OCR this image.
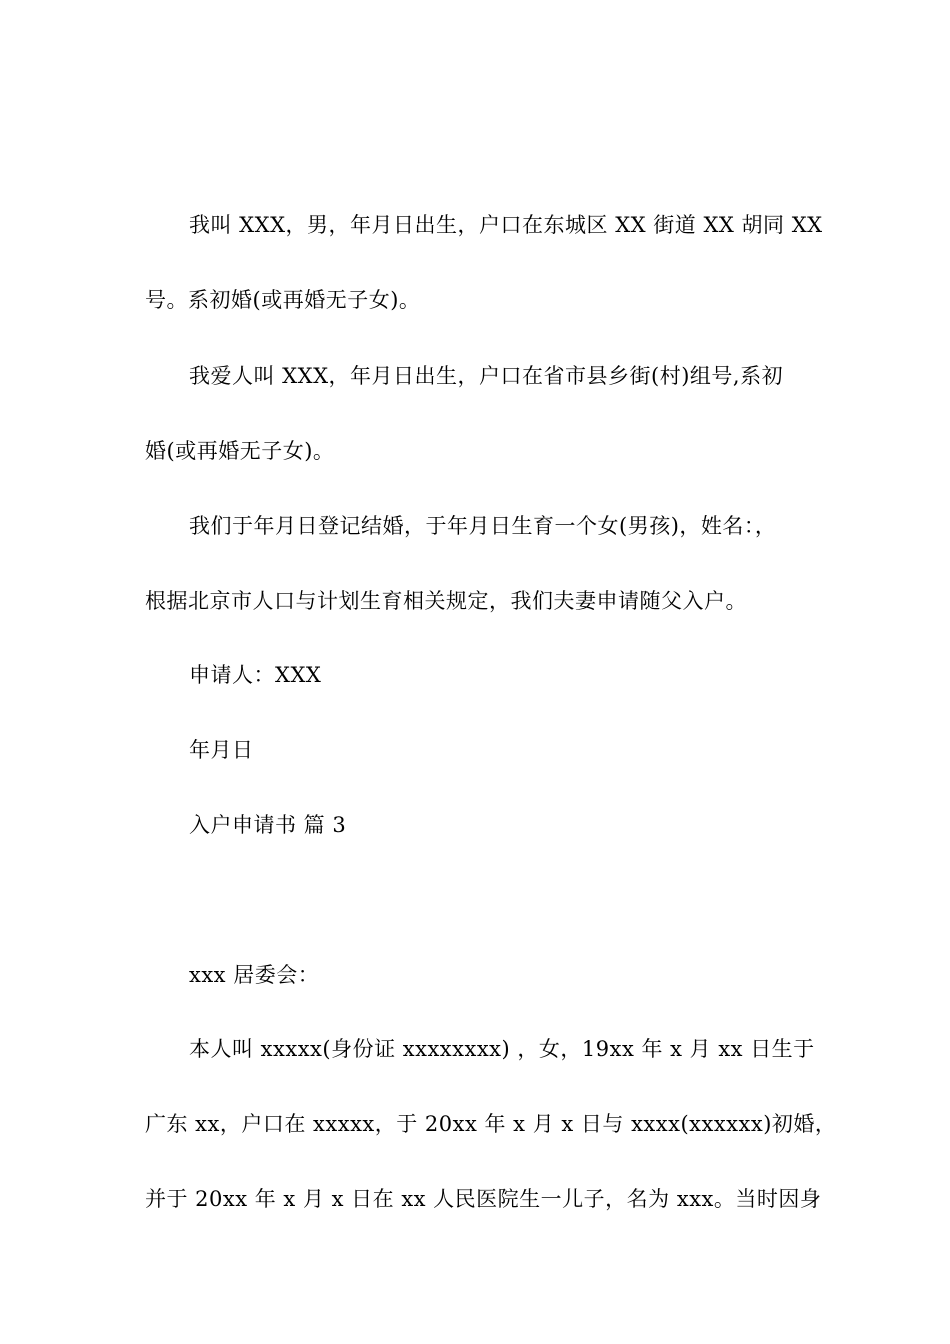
我叫 XXX，男，年月日出生，户口在东城区 XX 街道 XX 胡同 XX
号。系初婚(或再婚无子女)。
我爱人叫 XXX，年月日出生，户口在省市县乡街(村)组号,系初
婚(或再婚无子女)。
我们于年月日登记结婚，于年月日生育一个女(男孩)，姓名：，
根据北京市人口与计划生育相关规定，我们夫妻申请随父入户。
申请人：XXX
年月日
入户申请书 篇 3
xxx 居委会：
本人叫 xxxxx(身份证 xxxxxxxx) ，女，19xx 年 x 月 xx 日生于
广东 xx，户口在 xxxxx，于 20xx 年 x 月 x 日与 xxxx(xxxxxx)初婚，
并于 20xx 年 x 月 x 日在 xx 人民医院生一儿子，名为 xxx。当时因身
